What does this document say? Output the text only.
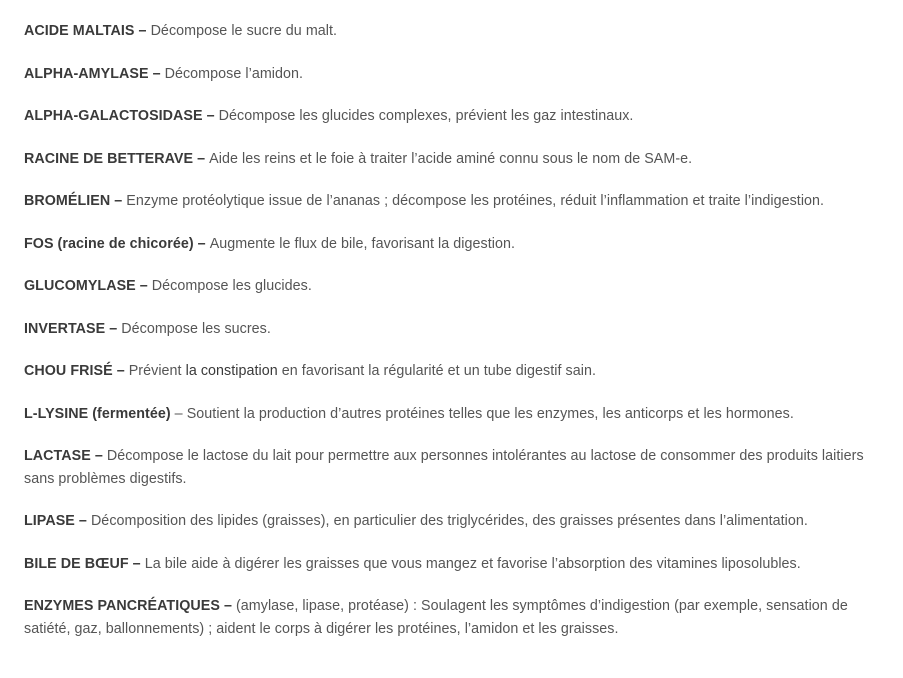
ACIDE MALTAIS – Décompose le sucre du malt.

ALPHA-AMYLASE – Décompose l’amidon.

ALPHA-GALACTOSIDASE – Décompose les glucides complexes, prévient les gaz intestinaux.

RACINE DE BETTERAVE – Aide les reins et le foie à traiter l’acide aminé connu sous le nom de SAM-e.

BROMÉLIEN – Enzyme protéolytique issue de l’ananas ; décompose les protéines, réduit l’inflammation et traite l’indigestion.

FOS (racine de chicorée) – Augmente le flux de bile, favorisant la digestion.

GLUCOMYLASE – Décompose les glucides.

INVERTASE – Décompose les sucres.

CHOU FRISÉ – Prévient la constipation en favorisant la régularité et un tube digestif sain.

L-LYSINE (fermentée) – Soutient la production d’autres protéines telles que les enzymes, les anticorps et les hormones.

LACTASE – Décompose le lactose du lait pour permettre aux personnes intolérantes au lactose de consommer des produits laitiers sans problèmes digestifs.

LIPASE – Décomposition des lipides (graisses), en particulier des triglycérides, des graisses présentes dans l’alimentation.

BILE DE BŒUF – La bile aide à digérer les graisses que vous mangez et favorise l’absorption des vitamines liposolubles.

ENZYMES PANCRÉATIQUES – (amylase, lipase, protéase) : Soulagent les symptômes d’indigestion (par exemple, sensation de satiété, gaz, ballonnements) ; aident le corps à digérer les protéines, l’amidon et les graisses.
